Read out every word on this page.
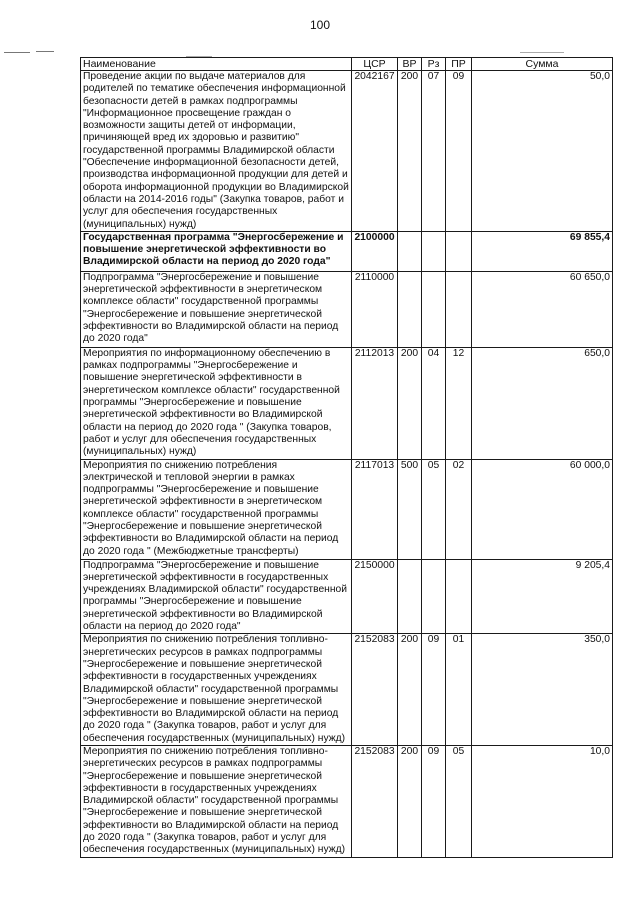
100
Наименование	ЦСР	ВР	Рз	ПР	Сумма
Проведение акции по выдаче материалов для родителей по тематике обеспечения информационной безопасности детей в рамках подпрограммы "Информационное просвещение граждан о возможности защиты детей от информации, причиняющей вред их здоровью и развитию" государственной программы Владимирской области "Обеспечение информационной безопасности детей, производства информационной продукции для детей и оборота информационной продукции во Владимирской области на 2014-2016 годы" (Закупка товаров, работ и услуг для обеспечения государственных (муниципальных) нужд)	2042167	200	07	09	50,0
Государственная программа "Энергосбережение и повышение энергетической эффективности во Владимирской области на период до 2020 года"	2100000				69 855,4
Подпрограмма "Энергосбережение и повышение энергетической эффективности в энергетическом комплексе области" государственной программы "Энергосбережение и повышение энергетической эффективности во Владимирской области на период до 2020 года"	2110000				60 650,0
Мероприятия по информационному обеспечению в рамках подпрограммы "Энергосбережение и повышение энергетической эффективности в энергетическом комплексе области" государственной программы "Энергосбережение и повышение энергетической эффективности во Владимирской области на период до 2020 года " (Закупка товаров, работ и услуг для обеспечения государственных (муниципальных) нужд)	2112013	200	04	12	650,0
Мероприятия по снижению потребления электрической и тепловой энергии в рамках подпрограммы "Энергосбережение и повышение энергетической эффективности в энергетическом комплексе области" государственной программы "Энергосбережение и повышение энергетической эффективности во Владимирской области на период до 2020 года " (Межбюджетные трансферты)	2117013	500	05	02	60 000,0
Подпрограмма "Энергосбережение и повышение энергетической эффективности в государственных учреждениях Владимирской области" государственной программы "Энергосбережение и повышение энергетической эффективности во Владимирской области на период до 2020 года"	2150000				9 205,4
Мероприятия по снижению потребления топливно-энергетических ресурсов в рамках подпрограммы "Энергосбережение и повышение энергетической эффективности в государственных учреждениях Владимирской области" государственной программы "Энергосбережение и повышение энергетической эффективности во Владимирской области на период до 2020 года " (Закупка товаров, работ и услуг для обеспечения государственных (муниципальных) нужд)	2152083	200	09	01	350,0
Мероприятия по снижению потребления топливно-энергетических ресурсов в рамках подпрограммы "Энергосбережение и повышение энергетической эффективности в государственных учреждениях Владимирской области" государственной программы "Энергосбережение и повышение энергетической эффективности во Владимирской области на период до 2020 года " (Закупка товаров, работ и услуг для обеспечения государственных (муниципальных) нужд)	2152083	200	09	05	10,0
